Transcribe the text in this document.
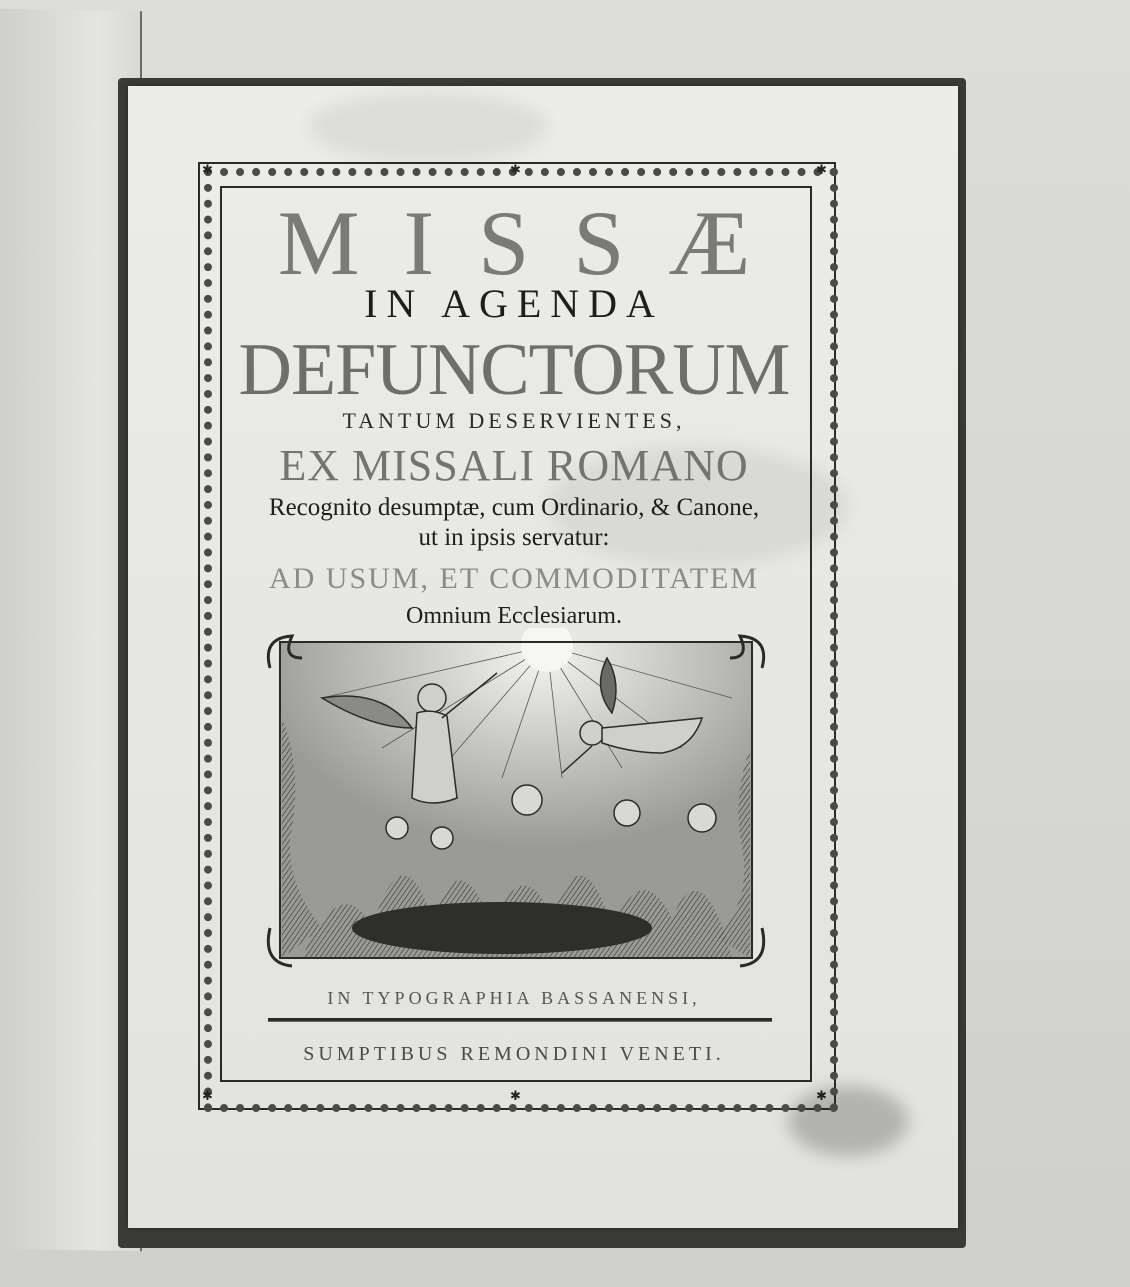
✱	✱
✱	✱
✱
✱
MISSÆ
IN AGENDA
DEFUNCTORUM
TANTUM DESERVIENTES,
EX MISSALI ROMANO
Recognito desumptæ, cum Ordinario, & Canone,
ut in ipsis servatur:
AD USUM, ET COMMODITATEM
Omnium Ecclesiarum.
IN TYPOGRAPHIA BASSANENSI,
SUMPTIBUS REMONDINI VENETI.
